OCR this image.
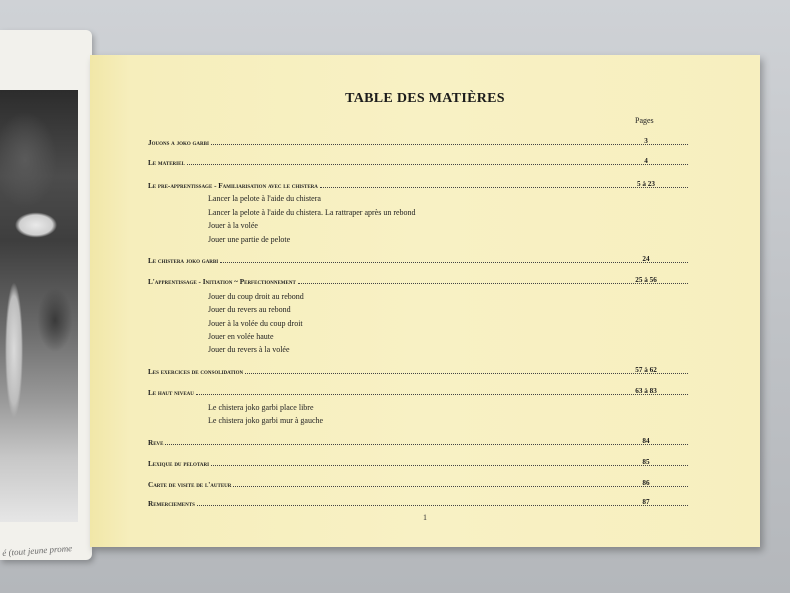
é (tout jeune prome
TABLE DES MATIÈRES
Pages
Jouons a joko garbi	3
Le materiel	4
Le pre-apprentissage - Familiarisation avec le chistera	5 à 23
Lancer la pelote à l'aide du chistera
Lancer la pelote à l'aide du chistera. La rattraper après un rebond
Jouer à la volée
Jouer une partie de pelote
Le chistera joko garbi	24
L'apprentissage - Initiation ~ Perfectionnement	25 à 56
Jouer du coup droit au rebond
Jouer du revers au rebond
Jouer à la volée du coup droit
Jouer en volée haute
Jouer du revers à la volée
Les exercices de consolidation	57 à 62
Le haut niveau	63 à 83
Le chistera joko garbi place libre
Le chistera joko garbi mur à gauche
Reve	84
Lexique du pelotari	85
Carte de visite de l'auteur	86
Remerciements	87
1
